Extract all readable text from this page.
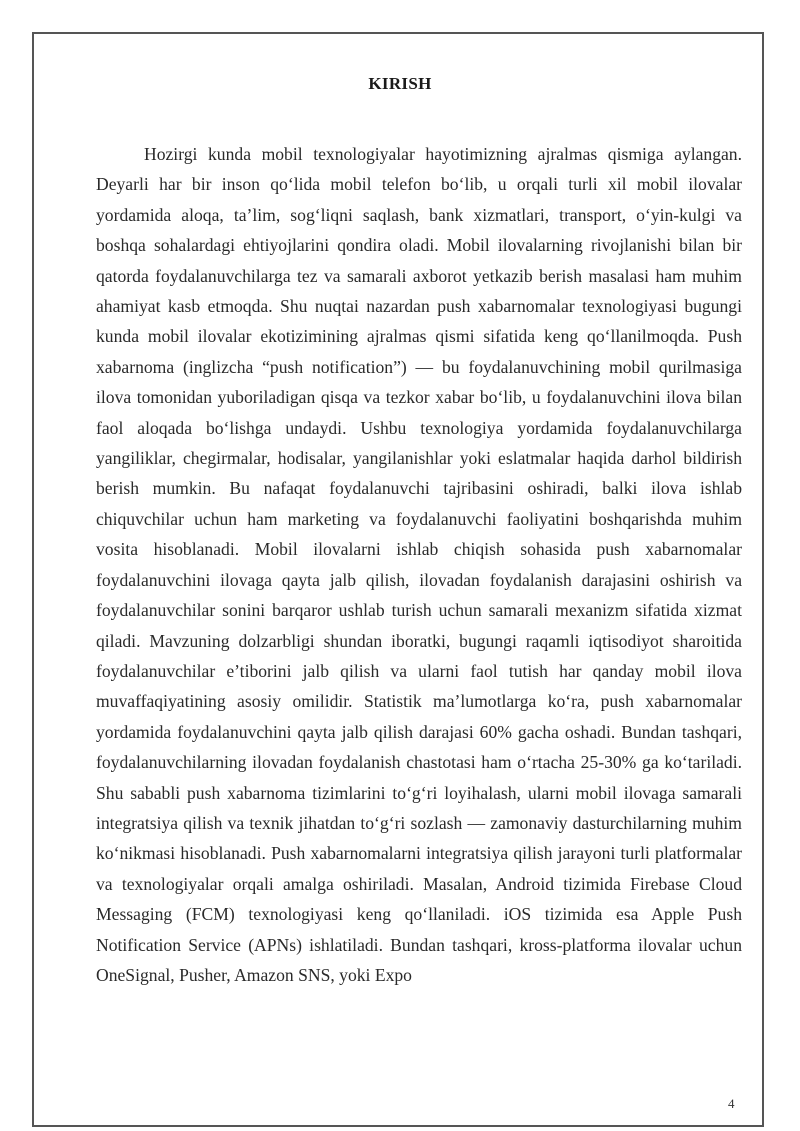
KIRISH

Hozirgi kunda mobil texnologiyalar hayotimizning ajralmas qismiga aylangan. Deyarli har bir inson qo‘lida mobil telefon bo‘lib, u orqali turli xil mobil ilovalar yordamida aloqa, ta’lim, sog‘liqni saqlash, bank xizmatlari, transport, o‘yin-kulgi va boshqa sohalardagi ehtiyojlarini qondira oladi. Mobil ilovalarning rivojlanishi bilan bir qatorda foydalanuvchilarga tez va samarali axborot yetkazib berish masalasi ham muhim ahamiyat kasb etmoqda. Shu nuqtai nazardan push xabarnomalar texnologiyasi bugungi kunda mobil ilovalar ekotizimining ajralmas qismi sifatida keng qo‘llanilmoqda. Push xabarnoma (inglizcha “push notification”) — bu foydalanuvchining mobil qurilmasiga ilova tomonidan yuboriladigan qisqa va tezkor xabar bo‘lib, u foydalanuvchini ilova bilan faol aloqada bo‘lishga undaydi. Ushbu texnologiya yordamida foydalanuvchilarga yangiliklar, chegirmalar, hodisalar, yangilanishlar yoki eslatmalar haqida darhol bildirish berish mumkin. Bu nafaqat foydalanuvchi tajribasini oshiradi, balki ilova ishlab chiquvchilar uchun ham marketing va foydalanuvchi faoliyatini boshqarishda muhim vosita hisoblanadi. Mobil ilovalarni ishlab chiqish sohasida push xabarnomalar foydalanuvchini ilovaga qayta jalb qilish, ilovadan foydalanish darajasini oshirish va foydalanuvchilar sonini barqaror ushlab turish uchun samarali mexanizm sifatida xizmat qiladi. Mavzuning dolzarbligi shundan iboratki, bugungi raqamli iqtisodiyot sharoitida foydalanuvchilar e’tiborini jalb qilish va ularni faol tutish har qanday mobil ilova muvaffaqiyatining asosiy omilidir. Statistik ma’lumotlarga ko‘ra, push xabarnomalar yordamida foydalanuvchini qayta jalb qilish darajasi 60% gacha oshadi. Bundan tashqari, foydalanuvchilarning ilovadan foydalanish chastotasi ham o‘rtacha 25-30% ga ko‘tariladi. Shu sababli push xabarnoma tizimlarini to‘g‘ri loyihalash, ularni mobil ilovaga samarali integratsiya qilish va texnik jihatdan to‘g‘ri sozlash — zamonaviy dasturchilarning muhim ko‘nikmasi hisoblanadi. Push xabarnomalarni integratsiya qilish jarayoni turli platformalar va texnologiyalar orqali amalga oshiriladi. Masalan, Android tizimida Firebase Cloud Messaging (FCM) texnologiyasi keng qo‘llaniladi. iOS tizimida esa Apple Push Notification Service (APNs) ishlatiladi. Bundan tashqari, kross-platforma ilovalar uchun OneSignal, Pusher, Amazon SNS, yoki Expo

4
